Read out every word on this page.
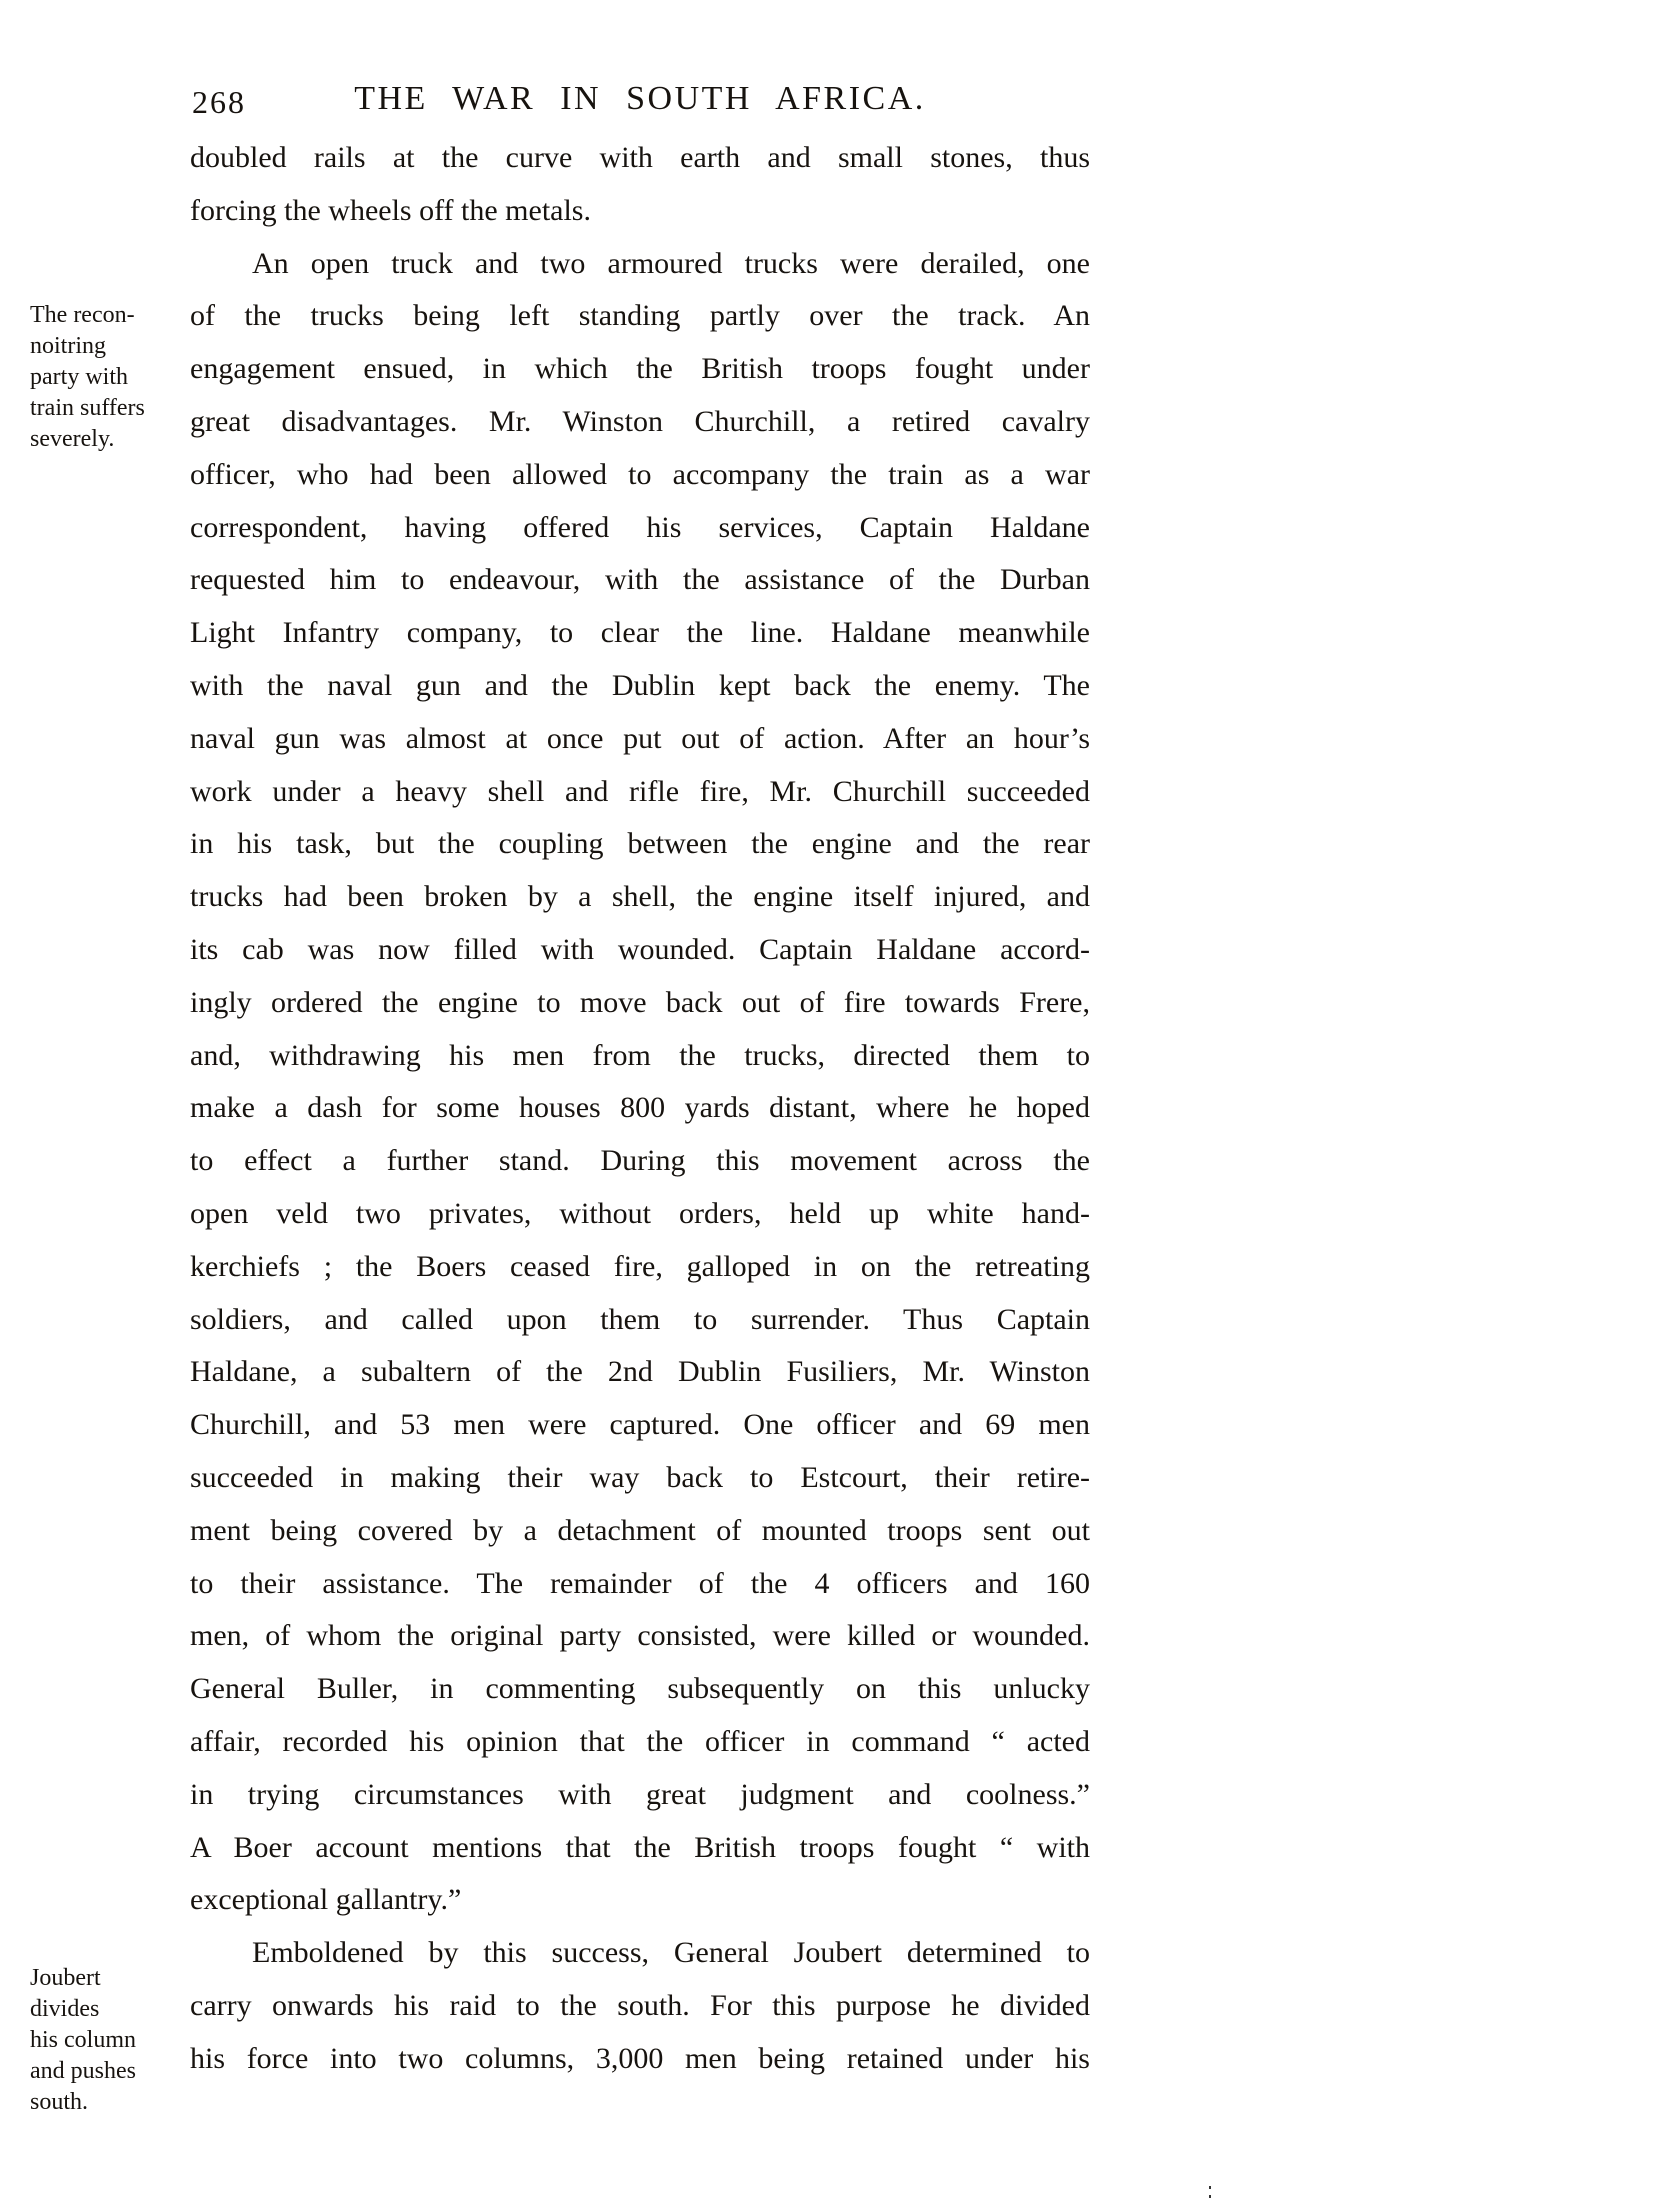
268	THE WAR IN SOUTH AFRICA.
The recon-
noitring
party with
train suffers
severely.
Joubert
divides
his column
and pushes
south.
doubled rails at the curve with earth and small stones, thus
forcing the wheels off the metals.
An open truck and two armoured trucks were derailed, one
of the trucks being left standing partly over the track. An
engagement ensued, in which the British troops fought under
great disadvantages. Mr. Winston Churchill, a retired cavalry
officer, who had been allowed to accompany the train as a war
correspondent, having offered his services, Captain Haldane
requested him to endeavour, with the assistance of the Durban
Light Infantry company, to clear the line. Haldane meanwhile
with the naval gun and the Dublin kept back the enemy. The
naval gun was almost at once put out of action. After an hour’s
work under a heavy shell and rifle fire, Mr. Churchill succeeded
in his task, but the coupling between the engine and the rear
trucks had been broken by a shell, the engine itself injured, and
its cab was now filled with wounded. Captain Haldane accord-
ingly ordered the engine to move back out of fire towards Frere,
and, withdrawing his men from the trucks, directed them to
make a dash for some houses 800 yards distant, where he hoped
to effect a further stand. During this movement across the
open veld two privates, without orders, held up white hand-
kerchiefs ; the Boers ceased fire, galloped in on the retreating
soldiers, and called upon them to surrender. Thus Captain
Haldane, a subaltern of the 2nd Dublin Fusiliers, Mr. Winston
Churchill, and 53 men were captured. One officer and 69 men
succeeded in making their way back to Estcourt, their retire-
ment being covered by a detachment of mounted troops sent out
to their assistance. The remainder of the 4 officers and 160
men, of whom the original party consisted, were killed or wounded.
General Buller, in commenting subsequently on this unlucky
affair, recorded his opinion that the officer in command “ acted
in trying circumstances with great judgment and coolness.”
A Boer account mentions that the British troops fought “ with
exceptional gallantry.”
Emboldened by this success, General Joubert determined to
carry onwards his raid to the south. For this purpose he divided
his force into two columns, 3,000 men being retained under his
